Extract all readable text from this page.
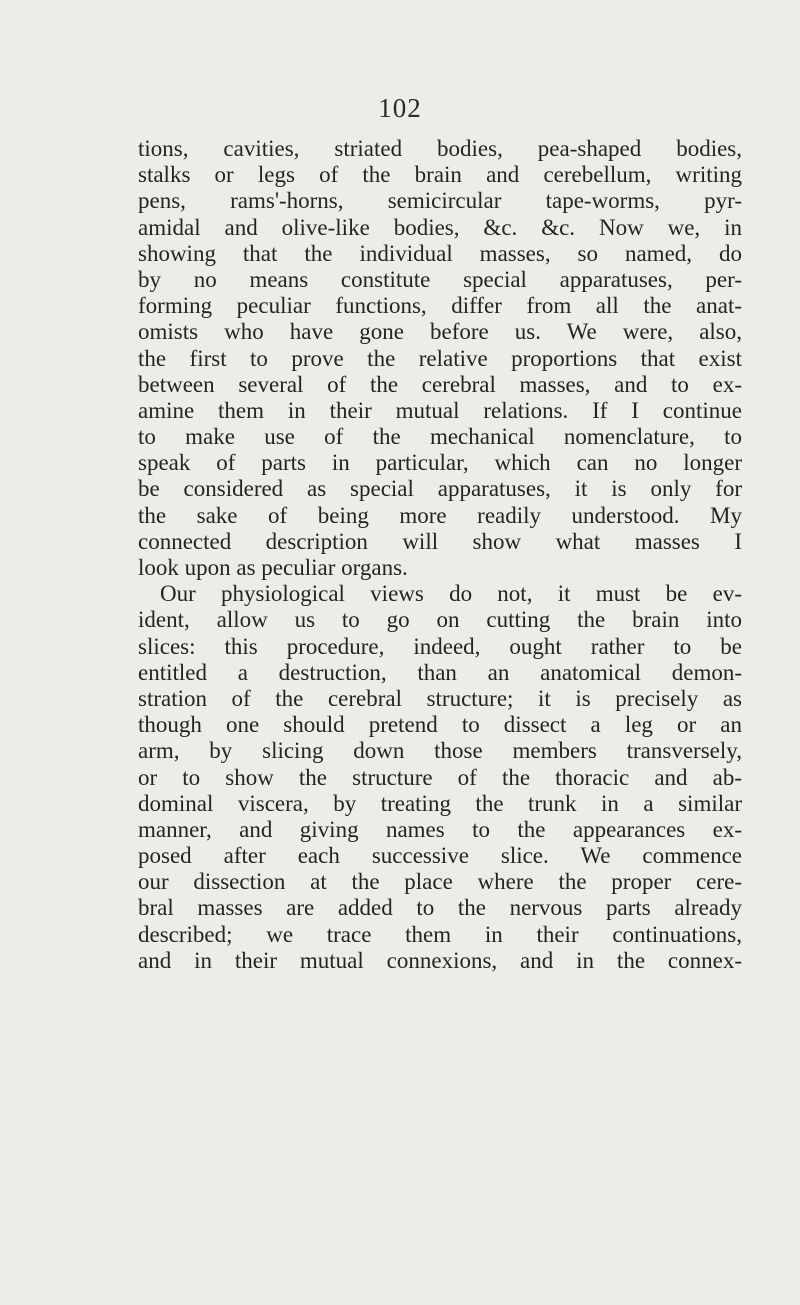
102
tions, cavities, striated bodies, pea-shaped bodies,
stalks or legs of the brain and cerebellum, writing
pens, rams'-horns, semicircular tape-worms, pyr-
amidal and olive-like bodies, &c. &c. Now we, in
showing that the individual masses, so named, do
by no means constitute special apparatuses, per-
forming peculiar functions, differ from all the anat-
omists who have gone before us. We were, also,
the first to prove the relative proportions that exist
between several of the cerebral masses, and to ex-
amine them in their mutual relations. If I continue
to make use of the mechanical nomenclature, to
speak of parts in particular, which can no longer
be considered as special apparatuses, it is only for
the sake of being more readily understood. My
connected description will show what masses I
look upon as peculiar organs.
Our physiological views do not, it must be ev-
ident, allow us to go on cutting the brain into
slices: this procedure, indeed, ought rather to be
entitled a destruction, than an anatomical demon-
stration of the cerebral structure; it is precisely as
though one should pretend to dissect a leg or an
arm, by slicing down those members transversely,
or to show the structure of the thoracic and ab-
dominal viscera, by treating the trunk in a similar
manner, and giving names to the appearances ex-
posed after each successive slice. We commence
our dissection at the place where the proper cere-
bral masses are added to the nervous parts already
described; we trace them in their continuations,
and in their mutual connexions, and in the connex-
